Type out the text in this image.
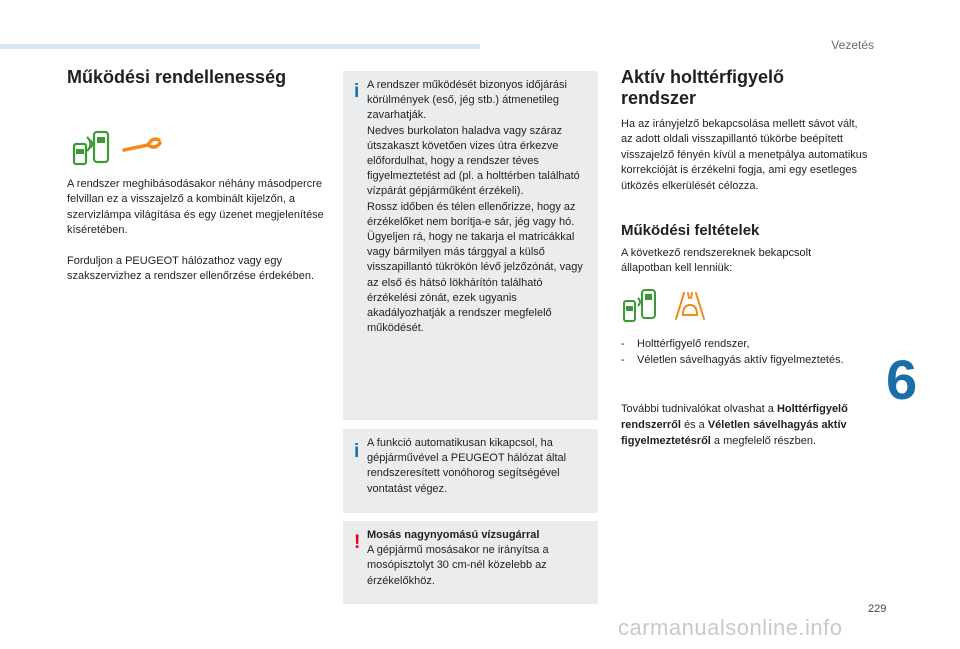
Vezetés
Működési rendellenesség

A rendszer meghibásodásakor néhány másodpercre felvillan ez a visszajelző a kombinált kijelzőn, a szervizlámpa világítása és egy üzenet megjelenítése kíséretében.

Forduljon a PEUGEOT hálózathoz vagy egy szakszervizhez a rendszer ellenőrzése érdekében.

i A rendszer működését bizonyos időjárási körülmények (eső, jég stb.) átmenetileg zavarhatják.
Nedves burkolaton haladva vagy száraz útszakaszt követően vizes útra érkezve előfordulhat, hogy a rendszer téves figyelmeztetést ad (pl. a holttérben található vízpárát gépjárműként érzékeli).
Rossz időben és télen ellenőrizze, hogy az érzékelőket nem borítja-e sár, jég vagy hó.
Ügyeljen rá, hogy ne takarja el matricákkal vagy bármilyen más tárggyal a külső visszapillantó tükrökön lévő jelzőzónát, vagy az első és hátsó lökhárítón található érzékelési zónát, ezek ugyanis akadályozhatják a rendszer megfelelő működését.

i A funkció automatikusan kikapcsol, ha gépjárművével a PEUGEOT hálózat által rendszeresített vonóhorog segítségével vontatást végez.

! Mosás nagynyomású vízsugárral
A gépjármű mosásakor ne irányítsa a mosópisztolyt 30 cm-nél közelebb az érzékelőkhöz.

Aktív holttérfigyelő rendszer

Ha az irányjelző bekapcsolása mellett sávot vált, az adott oldali visszapillantó tükörbe beépített visszajelző fényén kívül a menetpálya automatikus korrekcióját is érzékelni fogja, ami egy esetleges ütközés elkerülését célozza.

Működési feltételek

A következő rendszereknek bekapcsolt állapotban kell lenniük:

- Holttérfigyelő rendszer,
- Véletlen sávelhagyás aktív figyelmeztetés.

További tudnivalókat olvashat a Holttérfigyelő rendszerről és a Véletlen sávelhagyás aktív figyelmeztetésről a megfelelő részben.

6
229
carmanualsonline.info
